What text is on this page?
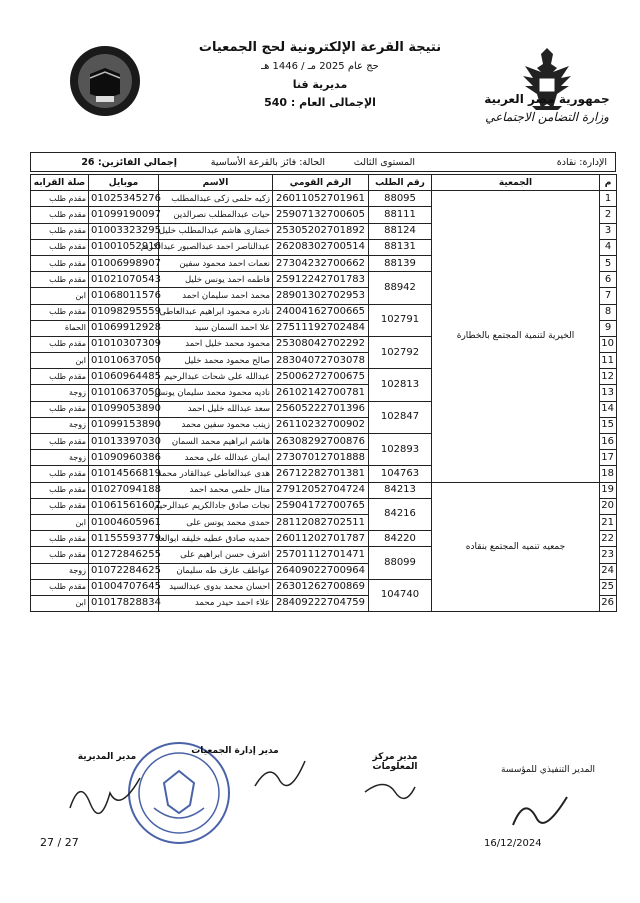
نتيجة القرعة الإلكترونية لحج الجمعيات
حج عام 2025 مـ / 1446 هـ
مديرية قنا
الإجمالى العام : 540	جمهورية مصر العربية
وزارة التضامن الاجتماعي
الإدارة: نقادة
المستوى الثالث
الحالة: فائز بالقرعة الأساسية
إجمالي الفائزين: 26
م	الجمعية	رقم الطلب	الرقم القومي	الاسم	موبايل	صلة القرابه
1	الخيرية لتنمية المجتمع بالخطارة	88095	26011052701961	زكيه حلمى زكى عبدالمطلب	01025345276	مقدم طلب
2		88111	25907132700605	حيات عبدالمطلب نصرالدين	01099190097	مقدم طلب
3		88124	25305202701892	خضارى هاشم عبدالمطلب خليل	01003323295	مقدم طلب
4		88131	26208302700514	عبدالناصر احمد عبدالصبور عبدالكريم	01001052916	مقدم طلب
5		88139	27304232700662	نعمات احمد محمود سفين	01006998907	مقدم طلب
6		88942	25912242701783	فاطمه احمد يونس خليل	01021070543	مقدم طلب
7			28901302702953	محمد احمد سليمان احمد	01068011576	ابن
8		102791	24004162700665	نادره محمود ابراهيم عبدالعاطى	01098295559	مقدم طلب
9			27511192702484	علا احمد السمان سيد	01069912928	الحماة
10		102792	25308042702292	محمود محمد خليل احمد	01010307309	مقدم طلب
11			28304072703078	صالح محمود محمد خليل	01010637050	ابن
12		102813	25006272700675	عبدالله على شحات عبدالرحيم	01060964485	مقدم طلب
13			26102142700781	ناديه محمود محمد سليمان يونس	01010637050	زوجة
14		102847	25605222701396	سعد عبدالله خليل احمد	01099053890	مقدم طلب
15			26110232700902	زينب محمود سفين محمد	01099153890	زوجة
16		102893	26308292700876	هاشم ابراهيم محمد السمان	01013397030	مقدم طلب
17			27307012701888	ايمان عبدالله على محمد	01090960386	زوجة
18		104763	26712282701381	هدى عبدالعاطى عبدالقادر محمد	01014566819	مقدم طلب
19	جمعيه تنميه المجتمع بنقاده	84213	27912052704724	منال حلمى محمد احمد	01027094188	مقدم طلب
20		84216	25904172700765	نجات صادق جادالكريم عبدالرحيم	01061561607	مقدم طلب
21			28112082702511	حمدى محمد يونس على	01004605961	ابن
22		84220	26011202701787	حمديه صادق عطيه خليفه ابوالعلا	01155593779	مقدم طلب
23		88099	25701112701471	اشرف حسن ابراهيم على	01272846255	مقدم طلب
24			26409022700964	عواطف عارف طه سليمان	01072284625	زوجة
25		104740	26301262700869	احسان محمد بدوى عبدالسيد	01004707645	مقدم طلب
26			28409222704759	علاء احمد حيدر محمد	01017828834	ابن
مدير المديرية
مدير إدارة الجمعيات
مدير مركز المعلومات	المدير التنفيذي للمؤسسة
27 / 27	16/12/2024
